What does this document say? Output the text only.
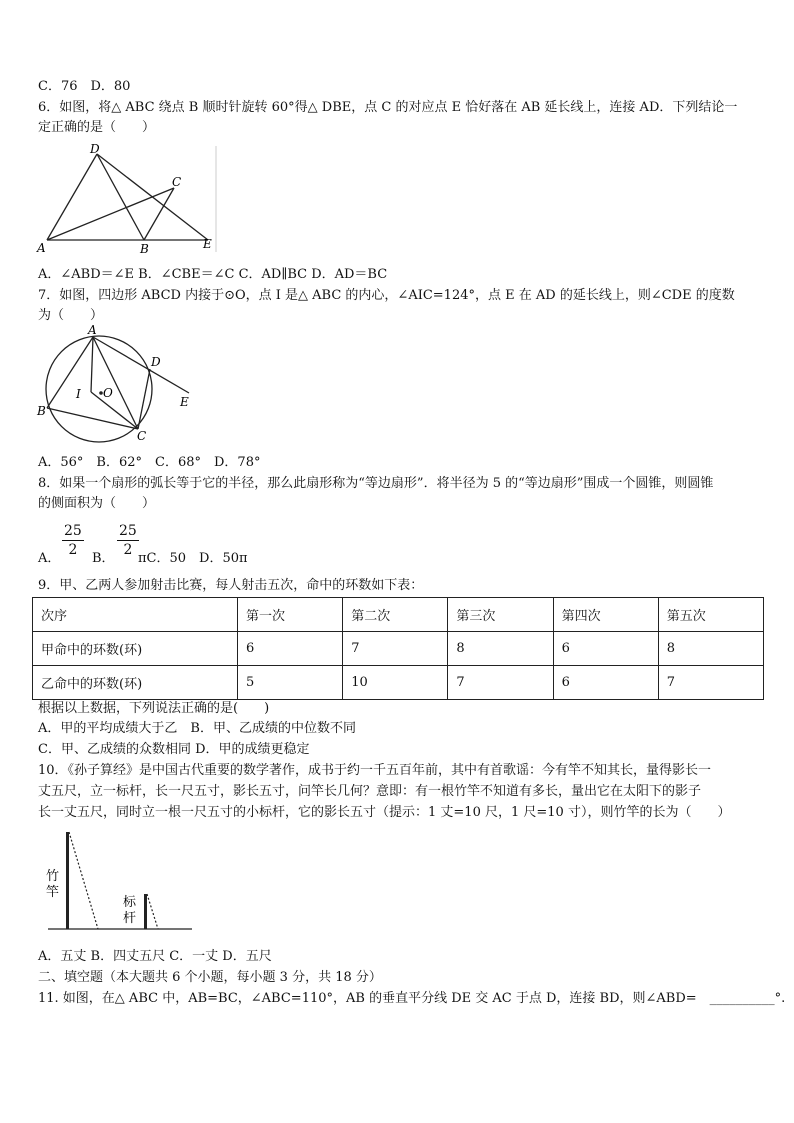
C．76　D．80
6．如图，将△ ABC 绕点 B 顺时针旋转 60°得△ DBE，点 C 的对应点 E 恰好落在 AB 延长线上，连接 AD．下列结论一
定正确的是（　　）
D
C
A	B	E
A．∠ABD＝∠E B．∠CBE＝∠C C．AD∥BC D．AD＝BC
7．如图，四边形 ABCD 内接于⊙O，点 I 是△ ABC 的内心，∠AIC=124°，点 E 在 AD 的延长线上，则∠CDE 的度数
为（　　）
A
D
I O
E
B
C
A．56°　B．62°　C．68°　D．78°
8．如果一个扇形的弧长等于它的半径，那么此扇形称为“等边扇形”．将半径为 5 的“等边扇形”围成一个圆锥，则圆锥
的侧面积为（　　）
A． $\frac{25}{2}$ B． $\frac{25}{2}$ πC．50　D．50π
9．甲、乙两人参加射击比赛，每人射击五次，命中的环数如下表：
次序	第一次	第二次	第三次	第四次	第五次
甲命中的环数(环)	6	7	8	6	8
乙命中的环数(环)	5	10	7	6	7
根据以上数据，下列说法正确的是(　　)
A．甲的平均成绩大于乙　B．甲、乙成绩的中位数不同
C．甲、乙成绩的众数相同 D．甲的成绩更稳定
10．《孙子算经》是中国古代重要的数学著作，成书于约一千五百年前，其中有首歌谣：今有竿不知其长，量得影长一
丈五尺，立一标杆，长一尺五寸，影长五寸，问竿长几何？意即：有一根竹竿不知道有多长，量出它在太阳下的影子
长一丈五尺，同时立一根一尺五寸的小标杆，它的影长五寸（提示：1 丈=10 尺，1 尺=10 寸），则竹竿的长为（　　）
竹
竿
标
杆
A．五丈 B．四丈五尺 C．一丈 D．五尺
二、填空题（本大题共 6 个小题，每小题 3 分，共 18 分）
11. 如图，在△ ABC 中，AB=BC，∠ABC=110°，AB 的垂直平分线 DE 交 AC 于点 D，连接 BD，则∠ABD=　__________°.
